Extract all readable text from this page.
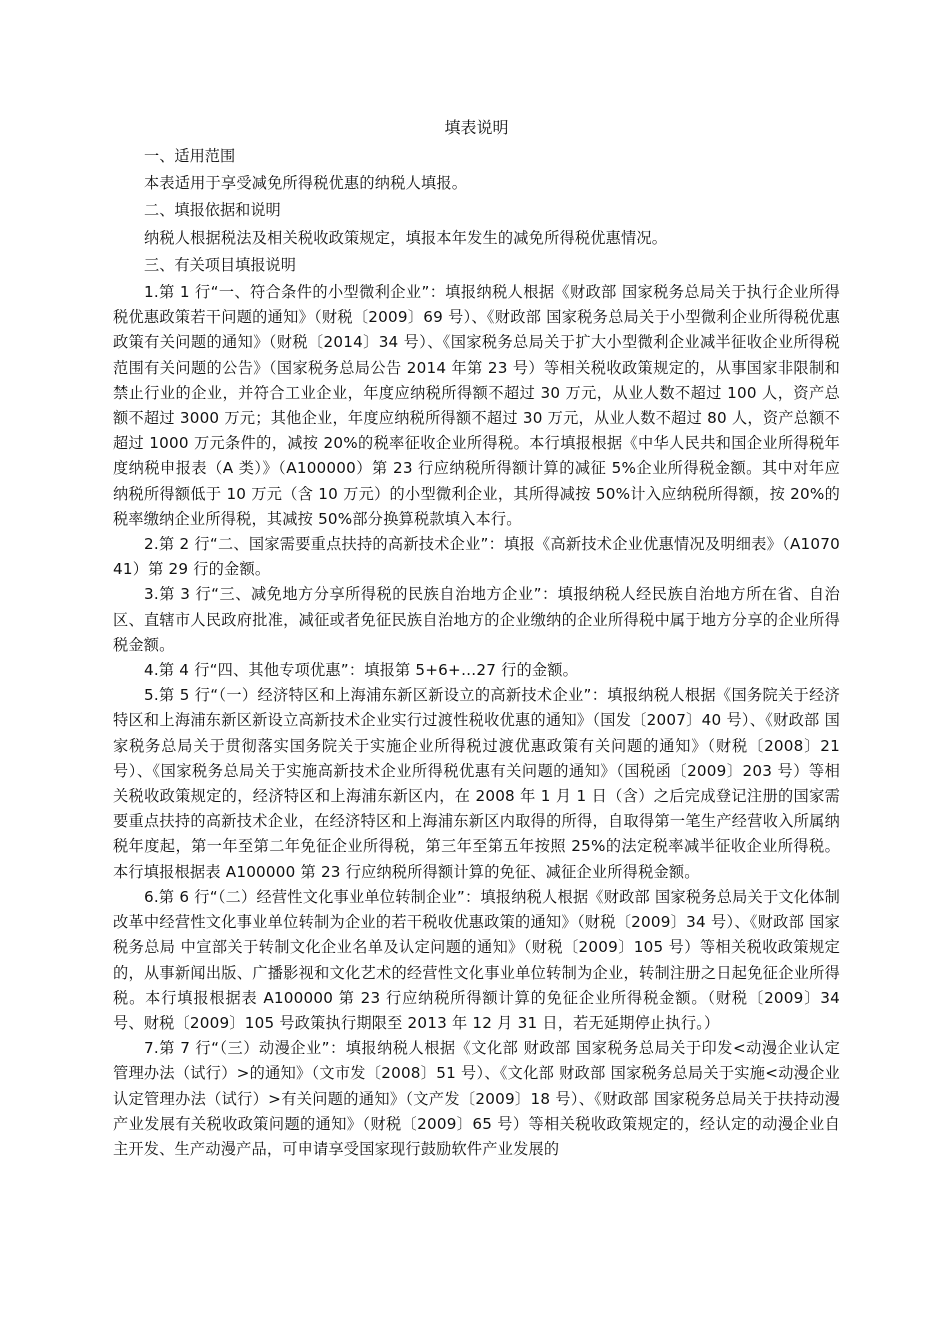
填表说明
一、适用范围
本表适用于享受减免所得税优惠的纳税人填报。
二、填报依据和说明
纳税人根据税法及相关税收政策规定，填报本年发生的减免所得税优惠情况。
三、有关项目填报说明
1.第 1 行“一、符合条件的小型微利企业”：填报纳税人根据《财政部 国家税务总局关于执行企业所得税优惠政策若干问题的通知》（财税〔2009〕69 号）、《财政部 国家税务总局关于小型微利企业所得税优惠政策有关问题的通知》（财税〔2014〕34 号）、《国家税务总局关于扩大小型微利企业减半征收企业所得税范围有关问题的公告》（国家税务总局公告 2014 年第 23 号）等相关税收政策规定的，从事国家非限制和禁止行业的企业，并符合工业企业，年度应纳税所得额不超过 30 万元，从业人数不超过 100 人，资产总额不超过 3000 万元；其他企业，年度应纳税所得额不超过 30 万元，从业人数不超过 80 人，资产总额不超过 1000 万元条件的，减按 20%的税率征收企业所得税。本行填报根据《中华人民共和国企业所得税年度纳税申报表（A 类）》（A100000）第 23 行应纳税所得额计算的减征 5%企业所得税金额。其中对年应纳税所得额低于 10 万元（含 10 万元）的小型微利企业，其所得减按 50%计入应纳税所得额，按 20%的税率缴纳企业所得税，其减按 50%部分换算税款填入本行。
2.第 2 行“二、国家需要重点扶持的高新技术企业”：填报《高新技术企业优惠情况及明细表》（A107041）第 29 行的金额。
3.第 3 行“三、减免地方分享所得税的民族自治地方企业”：填报纳税人经民族自治地方所在省、自治区、直辖市人民政府批准，减征或者免征民族自治地方的企业缴纳的企业所得税中属于地方分享的企业所得税金额。
4.第 4 行“四、其他专项优惠”：填报第 5+6+…27 行的金额。
5.第 5 行“（一）经济特区和上海浦东新区新设立的高新技术企业”：填报纳税人根据《国务院关于经济特区和上海浦东新区新设立高新技术企业实行过渡性税收优惠的通知》（国发〔2007〕40 号）、《财政部 国家税务总局关于贯彻落实国务院关于实施企业所得税过渡优惠政策有关问题的通知》（财税〔2008〕21 号）、《国家税务总局关于实施高新技术企业所得税优惠有关问题的通知》（国税函〔2009〕203 号）等相关税收政策规定的，经济特区和上海浦东新区内，在 2008 年 1 月 1 日（含）之后完成登记注册的国家需要重点扶持的高新技术企业，在经济特区和上海浦东新区内取得的所得，自取得第一笔生产经营收入所属纳税年度起，第一年至第二年免征企业所得税，第三年至第五年按照 25%的法定税率减半征收企业所得税。本行填报根据表 A100000 第 23 行应纳税所得额计算的免征、减征企业所得税金额。
6.第 6 行“（二）经营性文化事业单位转制企业”：填报纳税人根据《财政部 国家税务总局关于文化体制改革中经营性文化事业单位转制为企业的若干税收优惠政策的通知》（财税〔2009〕34 号）、《财政部 国家税务总局 中宣部关于转制文化企业名单及认定问题的通知》（财税〔2009〕105 号）等相关税收政策规定的，从事新闻出版、广播影视和文化艺术的经营性文化事业单位转制为企业，转制注册之日起免征企业所得税。本行填报根据表 A100000 第 23 行应纳税所得额计算的免征企业所得税金额。（财税〔2009〕34 号、财税〔2009〕105 号政策执行期限至 2013 年 12 月 31 日，若无延期停止执行。）
7.第 7 行“（三）动漫企业”：填报纳税人根据《文化部 财政部 国家税务总局关于印发<动漫企业认定管理办法（试行）>的通知》（文市发〔2008〕51 号）、《文化部 财政部 国家税务总局关于实施<动漫企业认定管理办法（试行）>有关问题的通知》（文产发〔2009〕18 号）、《财政部 国家税务总局关于扶持动漫产业发展有关税收政策问题的通知》（财税〔2009〕65 号）等相关税收政策规定的，经认定的动漫企业自主开发、生产动漫产品，可申请享受国家现行鼓励软件产业发展的
